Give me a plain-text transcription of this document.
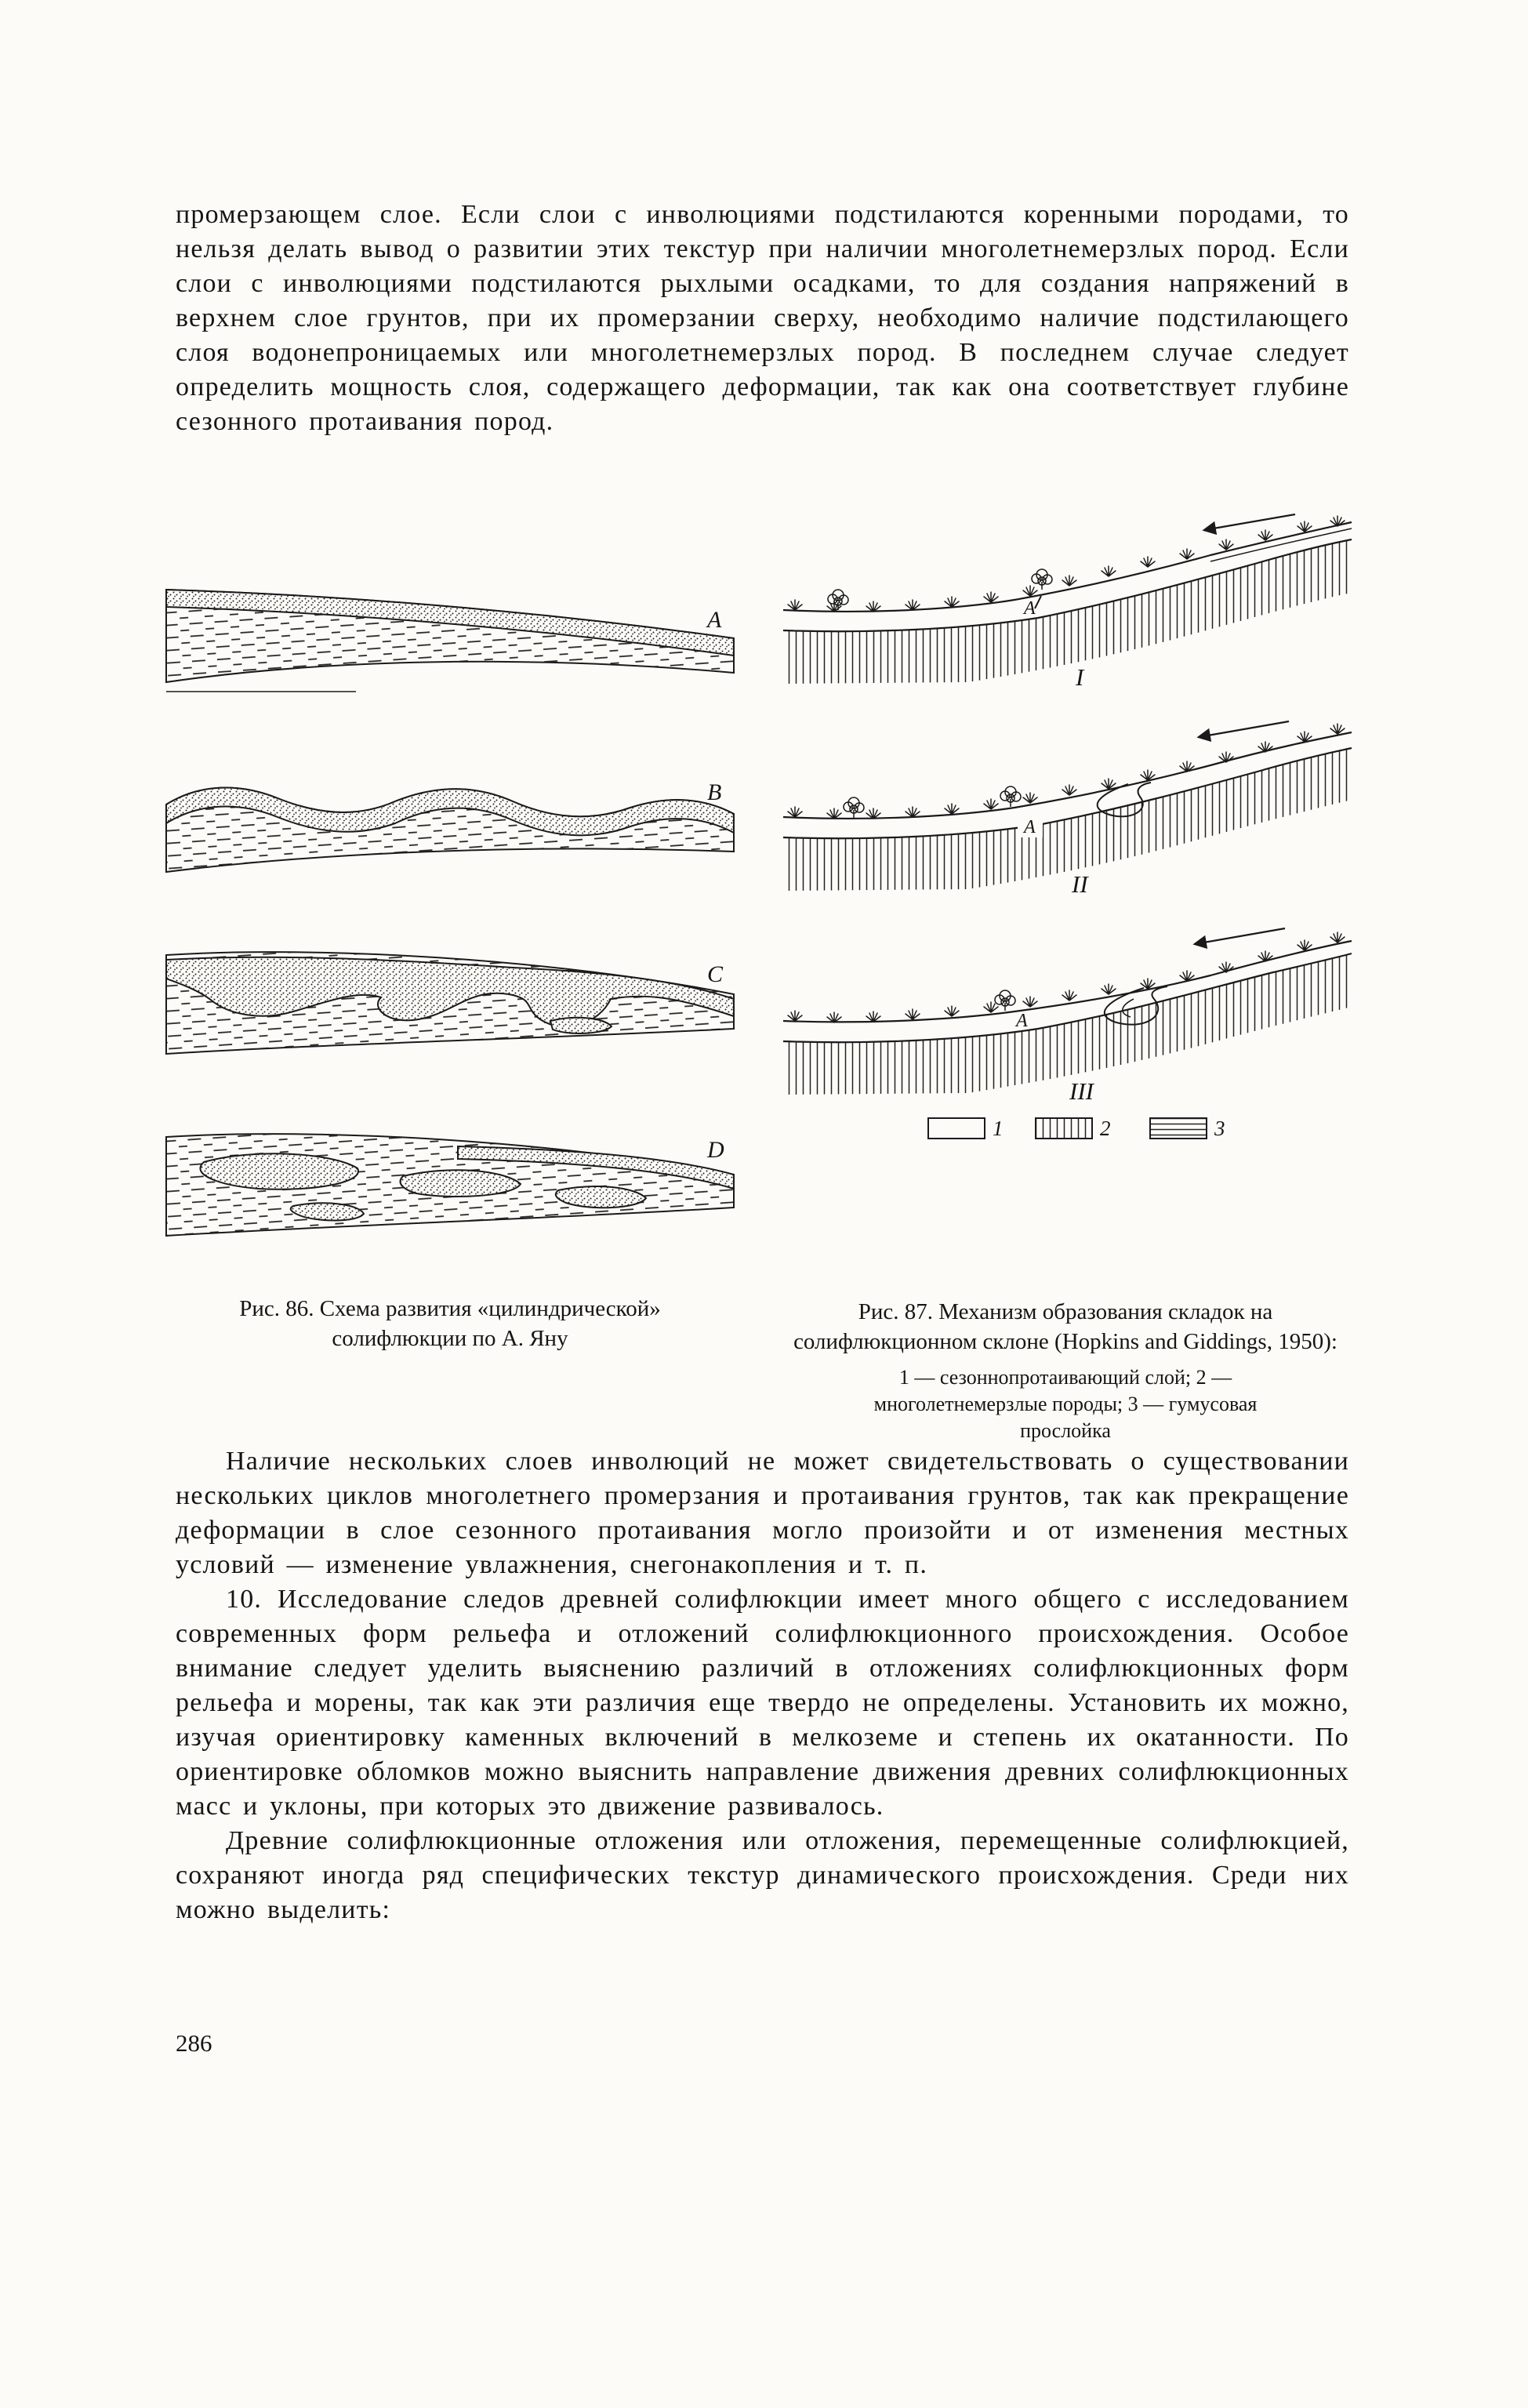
промерзающем слое. Если слои с инволюциями подстилаются коренными породами, то нельзя делать вывод о развитии этих текстур при наличии многолетнемерзлых пород. Если слои с инволюциями подстилаются рыхлыми осадками, то для создания напряжений в верхнем слое грунтов, при их промерзании сверху, необходимо наличие подстилающего слоя водонепроницаемых или многолетнемерзлых пород. В последнем случае следует определить мощность слоя, содержащего деформации, так как она соответствует глубине сезонного протаивания пород.

A
B
C
D
Рис. 86. Схема развития «цилиндрической» солифлюкции по А. Яну
А
I
А
II
А
III
1	2	3
Рис. 87. Механизм образования складок на солифлюкционном склоне (Hopkins and Giddings, 1950):
1 — сезоннопротаивающий слой; 2 — многолетнемерзлые породы; 3 — гумусовая прослойка

Наличие нескольких слоев инволюций не может свидетельствовать о существовании нескольких циклов многолетнего промерзания и протаивания грунтов, так как прекращение деформации в слое сезонного протаивания могло произойти и от изменения местных условий — изменение увлажнения, снегонакопления и т. п.

10. Исследование следов древней солифлюкции имеет много общего с исследованием современных форм рельефа и отложений солифлюкционного происхождения. Особое внимание следует уделить выяснению различий в отложениях солифлюкционных форм рельефа и морены, так как эти различия еще твердо не определены. Установить их можно, изучая ориентировку каменных включений в мелкоземе и степень их окатанности. По ориентировке обломков можно выяснить направление движения древних солифлюкционных масс и уклоны, при которых это движение развивалось.

Древние солифлюкционные отложения или отложения, перемещенные солифлюкцией, сохраняют иногда ряд специфических текстур динамического происхождения. Среди них можно выделить:

286
